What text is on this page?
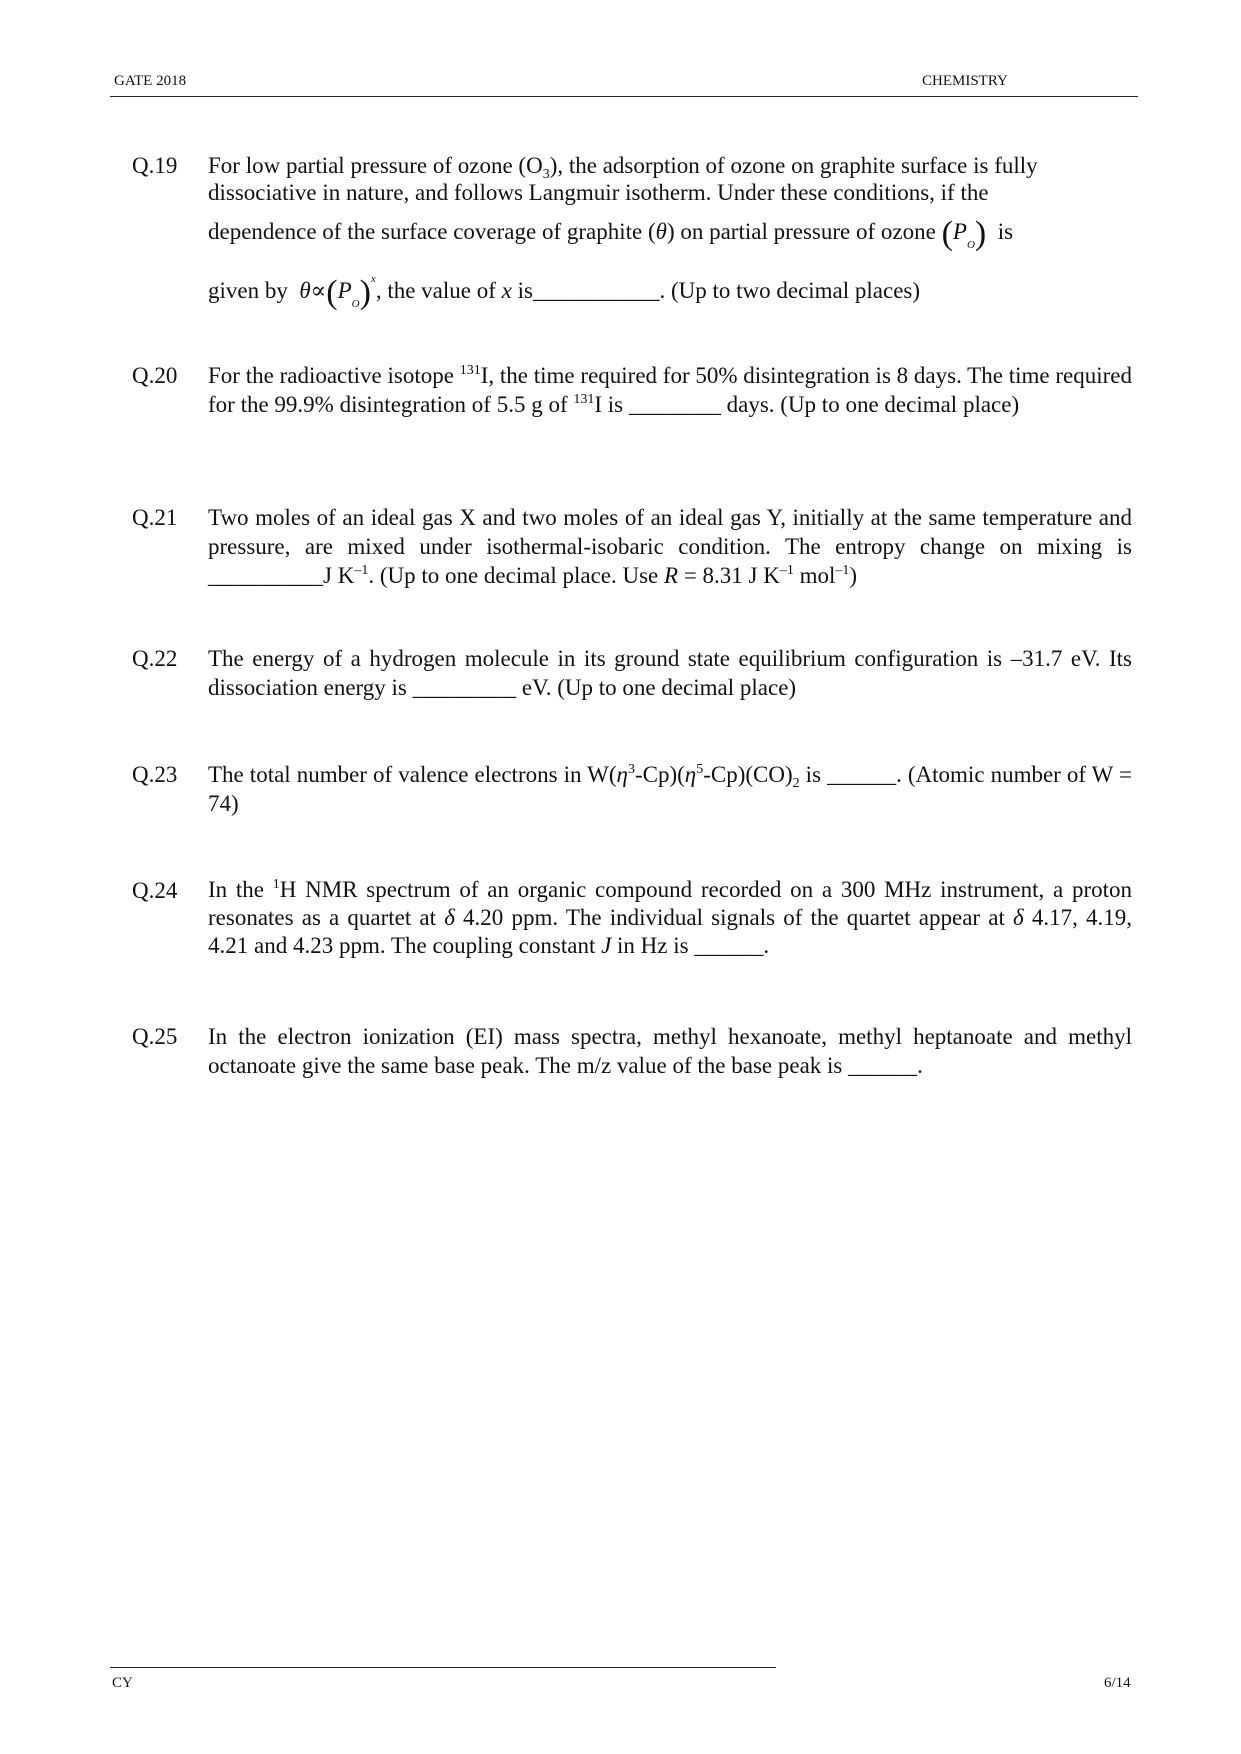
GATE 2018	CHEMISTRY
Q.19 For low partial pressure of ozone $(O_3)$, the adsorption of ozone on graphite surface is fully
dissociative in nature, and follows Langmuir isotherm. Under these conditions, if the
dependence of the surface coverage of graphite (θ) on partial pressure of ozone $(P_O)$ is
given by $\theta\propto(P_O)^x$, the value of x is___________. (Up to two decimal places)
Q.20 For the radioactive isotope $^{131}$I, the time required for 50% disintegration is 8 days. The time required for the 99.9% disintegration of 5.5 g of $^{131}$I is ________ days. (Up to one decimal place)
Q.21 Two moles of an ideal gas X and two moles of an ideal gas Y, initially at the same temperature and pressure, are mixed under isothermal-isobaric condition. The entropy change on mixing is __________J $K^{-1}$. (Up to one decimal place. Use R = 8.31 J $K^{-1}$ mol$^{-1}$)
Q.22 The energy of a hydrogen molecule in its ground state equilibrium configuration is –31.7 eV. Its dissociation energy is _________ eV. (Up to one decimal place)
Q.23 The total number of valence electrons in $W(\eta^3-Cp)(\eta^5-Cp)(CO)_2$ is ______. (Atomic number of W = 74)
Q.24 In the $^1$H NMR spectrum of an organic compound recorded on a 300 MHz instrument, a proton resonates as a quartet at δ 4.20 ppm. The individual signals of the quartet appear at δ 4.17, 4.19, 4.21 and 4.23 ppm. The coupling constant J in Hz is ______.
Q.25 In the electron ionization (EI) mass spectra, methyl hexanoate, methyl heptanoate and methyl octanoate give the same base peak. The m/z value of the base peak is ______.
CY	6/14
